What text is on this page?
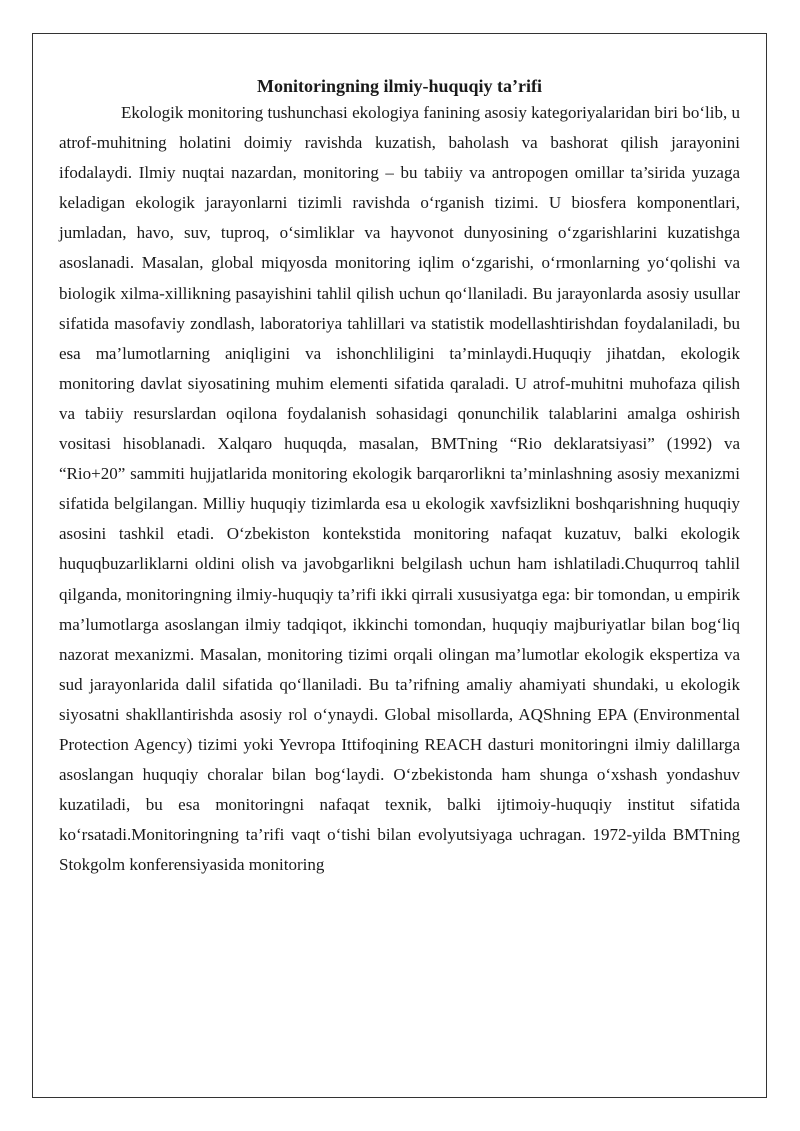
Monitoringning ilmiy-huquqiy ta’rifi

Ekologik monitoring tushunchasi ekologiya fanining asosiy kategoriyalaridan biri bo‘lib, u atrof-muhitning holatini doimiy ravishda kuzatish, baholash va bashorat qilish jarayonini ifodalaydi. Ilmiy nuqtai nazardan, monitoring – bu tabiiy va antropogen omillar ta’sirida yuzaga keladigan ekologik jarayonlarni tizimli ravishda o‘rganish tizimi. U biosfera komponentlari, jumladan, havo, suv, tuproq, o‘simliklar va hayvonot dunyosining o‘zgarishlarini kuzatishga asoslanadi. Masalan, global miqyosda monitoring iqlim o‘zgarishi, o‘rmonlarning yo‘qolishi va biologik xilma-xillikning pasayishini tahlil qilish uchun qo‘llaniladi. Bu jarayonlarda asosiy usullar sifatida masofaviy zondlash, laboratoriya tahlillari va statistik modellashtirishdan foydalaniladi, bu esa ma’lumotlarning aniqligini va ishonchliligini ta’minlaydi.Huquqiy jihatdan, ekologik monitoring davlat siyosatining muhim elementi sifatida qaraladi. U atrof-muhitni muhofaza qilish va tabiiy resurslardan oqilona foydalanish sohasidagi qonunchilik talablarini amalga oshirish vositasi hisoblanadi. Xalqaro huquqda, masalan, BMTning “Rio deklaratsiyasi” (1992) va “Rio+20” sammiti hujjatlarida monitoring ekologik barqarorlikni ta’minlashning asosiy mexanizmi sifatida belgilangan. Milliy huquqiy tizimlarda esa u ekologik xavfsizlikni boshqarishning huquqiy asosini tashkil etadi. O‘zbekiston kontekstida monitoring nafaqat kuzatuv, balki ekologik huquqbuzarliklarni oldini olish va javobgarlikni belgilash uchun ham ishlatiladi.Chuqurroq tahlil qilganda, monitoringning ilmiy-huquqiy ta’rifi ikki qirrali xususiyatga ega: bir tomondan, u empirik ma’lumotlarga asoslangan ilmiy tadqiqot, ikkinchi tomondan, huquqiy majburiyatlar bilan bog‘liq nazorat mexanizmi. Masalan, monitoring tizimi orqali olingan ma’lumotlar ekologik ekspertiza va sud jarayonlarida dalil sifatida qo‘llaniladi. Bu ta’rifning amaliy ahamiyati shundaki, u ekologik siyosatni shakllantirishda asosiy rol o‘ynaydi. Global misollarda, AQShning EPA (Environmental Protection Agency) tizimi yoki Yevropa Ittifoqining REACH dasturi monitoringni ilmiy dalillarga asoslangan huquqiy choralar bilan bog‘laydi. O‘zbekistonda ham shunga o‘xshash yondashuv kuzatiladi, bu esa monitoringni nafaqat texnik, balki ijtimoiy-huquqiy institut sifatida ko‘rsatadi.Monitoringning ta’rifi vaqt o‘tishi bilan evolyutsiyaga uchragan. 1972-yilda BMTning Stokgolm konferensiyasida monitoring
